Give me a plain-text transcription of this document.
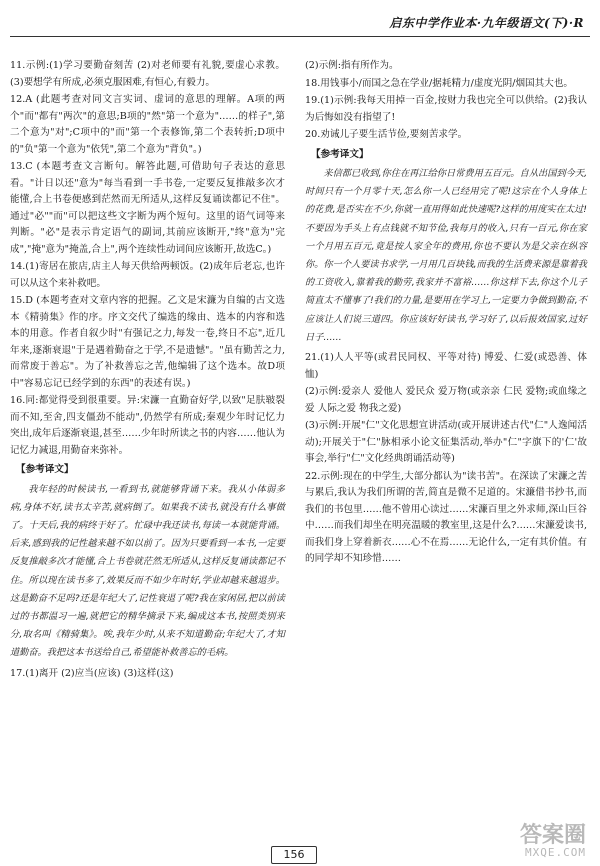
启东中学作业本·九年级语文(下)·R

11.示例:(1)学习要勤奋刻苦 (2)对老师要有礼貌,要虚心求教。(3)要想学有所成,必须克服困难,有恒心,有毅力。

12.A (此题考查对同文言实词、虚词的意思的理解。A项的两个"而"都有"两次"的意思;B项的"然"第一个意为"……的样子",第二个意为"对";C项中的"而"第一个表修饰,第二个表转折;D项中的"负"第一个意为"依凭",第二个意为"背负"。)

13.C (本题考查文言断句。解答此题,可借助句子表达的意思看。"计日以还"意为"每当看到一手书卷,一定要反复推敲多次才能懂,合上书卷便感到茫然而无所适从,这样反复诵读都记不住"。通过"必""而"可以把这些文字断为两个短句。这里的语气词等来判断。"必"是表示肯定语气的副词,其前应该断开,"终"意为"完成","掩"意为"掩盖,合上",两个连续性动词间应该断开,故选C。)

14.(1)寄居在旅店,店主人每天供给两顿饭。(2)成年后老忘,也许可以从这个来补救吧。

15.D (本题考查对文章内容的把握。乙文是宋濂为自编的古文选本《精骑集》作的序。序文交代了编选的缘由、选本的内容和选本的用意。作者自叙少时"有强记之力,每发一卷,终日不忘",近几年来,逐渐衰退"于是遇着勤奋之于学,不是遗憾"。"虽有勤苦之力,而常废于善忘"。为了补救善忘之苦,他编辑了这个选本。故D项中"容易忘记已经学到的东西"的表述有误。)

16.同:都觉得受到很重要。异:宋濂一直勤奋好学,以致"足肤皲裂而不知,至舍,四支僵劲不能动",仍然学有所成;秦观少年时记忆力突出,成年后逐渐衰退,甚至……少年时所读之书的内容……他认为记忆力减退,用勤奋来弥补。

【参考译文】

我年轻的时候读书,一看到书,就能够背诵下来。我从小体弱多病,身体不好,读书太辛苦,就病倒了。如果我不读书,就没有什么事做了。十天后,我的病终于好了。忙碌中我还读书,每读一本就能背诵。后来,感到我的记性越来越不如以前了。因为只要看到一本书,一定要反复推敲多次才能懂,合上书卷就茫然无所适从,这样反复诵读都记不住。所以现在读书多了,效果反而不如少年时好,学业却越来越退步。这是勤奋不足吗?还是年纪大了,记性衰退了呢?我在家闲居,把以前读过的书都温习一遍,就把它的精华摘录下来,编成这本书,按照类别来分,取名叫《精骑集》。唉,我年少时,从来不知道勤奋;年纪大了,才知道勤奋。我把这本书送给自己,希望能补救善忘的毛病。

17.(1)离开 (2)应当(应该) (3)这样(这)

(2)示例:指有所作为。

18.用钱事小/而国之急在学业/据耗精力/虚度光阴/烟国其大也。

19.(1)示例:我每天用掉一百金,按财力我也完全可以供给。(2)我认为后悔如没有指望了!

20.劝诫儿子要生活节俭,要刻苦求学。

【参考译文】

来信都已收到,你住在再江给你日常费用五百元。自从出国到今天,时间只有一个月零十天,怎么你一人已经用完了呢!这宗在个人身体上的花费,是否实在不少,你就一直用得如此快速呢?这样的用度实在太过!不要因为手头上有点钱就不知节俭,我每月的收入,只有一百元,你在家一个月用五百元,竟是按人家全年的费用,你也不要认为是父亲在纵容你。你一个人要读书求学,一月用几百块钱,而我的生活费来源是靠着我的工资收入,靠着我的勤劳,我家并不富裕……你这样下去,你这个儿子简直太不懂事了!我们的力量,是要用在学习上,一定要力争做到勤奋,不应该让人们说三道四。你应该好好读书,学习好了,以后报效国家,过好日子……

21.(1)人人平等(或君民同权、平等对待) 博爱、仁爱(或恐善、体恤)

(2)示例:爱亲人 爱他人 爱民众 爱万物(或亲亲 仁民 爱物;或血缘之爱 人际之爱 物我之爱)

(3)示例:开展"仁"文化思想宣讲活动(或开展讲述古代"仁"人逸闻活动);开展关于"仁"脉相承小论文征集活动,举办"仁"字旗下的'仁'故事会,举行"仁"文化经典朗诵活动等)

22.示例:现在的中学生,大部分都认为"读书苦"。在深读了宋濂之苦与累后,我认为我们所谓的苦,简直是微不足道的。宋濂借书抄书,而我们的书包里……他不曾用心读过……宋濂百里之外求师,深山巨谷中……而我们却坐在明亮温暖的教室里,这是什么?……宋濂爱读书,而我们身上穿着新衣……心不在焉……无论什么,一定有其价值。有的同学却不知珍惜……

156
答案圈
MXQE.COM
